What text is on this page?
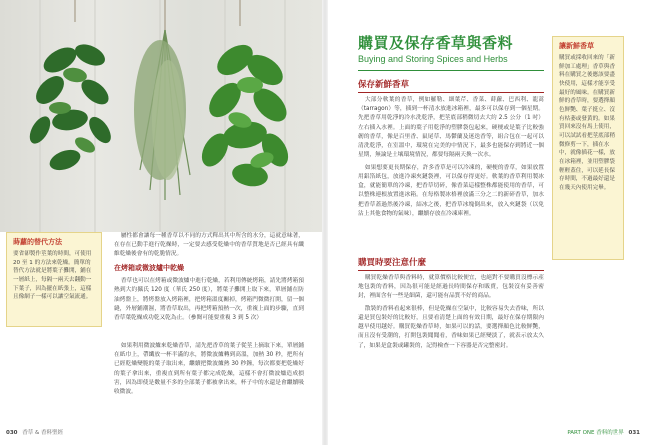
蒔蘿的替代方法
要省卻製作莖葉的時間，可使用 20 至 1 的方法來乾燥。簡單的替代方法就是將葉子攤開，鋪在一層紙上，每隔一兩天去翻動一下葉子，因為擺在紙張上，這樣且像網子一樣可以讓空氣流通。

屬性都會讓每一種香草以不同的方式釋出其中所含的水分，這就意味著，在存在已動手進行乾燥時，一定要去感受乾燥中的香草質地是否已經具有纖維乾燥後會有的乾脆情況。

在烤箱或微波爐中乾燥

香草也可以在烤箱或微波爐中進行乾燥，若利用傳統烤箱，請先將烤箱預熱到大約攝氏 120 度（華氏 250 度），將葉子攤開上取下來，單層鋪在防油烤盤上，將烤盤放入烤箱裡，把烤箱溫度關掉，烤箱門微微打開，留一個縫，外層鋪潮濕，將香草取出，再把烤箱預熱一次，重複上面的步驟，直到香草葉乾燥成功乾又乾為止。（參閱可能要重複 3 到 5 次）

如果利用微波爐來乾燥香草，請先把香草的葉子從莖上摘取下來，單層鋪在紙巾上，帶纖放一杯半滿的水，將微波爐轉到高溫，加熱 30 秒，把所有已經乾燥變脆的葉子取出來，繼續把微波爐熱 30 秒鐘，每次都要把乾燥好的葉子拿出來，重複直到所有葉子都完成乾燥，這樣不會打微波爐造成損害，因為即使是數量不多的全部葉子都被拿出來，杯子中的水還是會繼續吸收微波。

030 香草 & 香料聖經
購買及保存香草與香料
Buying and Storing Spices and Herbs
保存新鮮香草

大部分軟葉的香草，例如羅勒、細葉芹、香菜、蒔蘿、巴西利、龍蒿（tarragon）等，插到一杯清水放進冰箱裡，最多可以保存到一個星期。先把香草用乾淨的冷水洗乾淨，把莖底部稍微切去大約 2.5 公分（1 吋）左右插入水裡。上面的葉子用乾淨的塑膠袋包起來，硬梗或是葉子比較強韌的香草，像是百里香、鼠尾草、馬鬱蘭及迷迭香等，組合包在一起可以清洗乾淨，在室溫中，環境在完美的中情況下，最多也能保存到將近一個星期，無論是土壤環境情況，都要每隔兩天換一次水。

如果想要更長期保存，許多香草是可以冷凍的，硬梗的香草，如果放置用鋁箔紙包，放進冷凍夾鏈袋裡，可以保存得更好。軟葉的香草利用製冰盒，就能簡單的冷凍，把香草切碎，像香菜這樣整株都能使用的香草，可以整株連根放置進冰箱。在每格製冰格裡放滿三分之二的新碎香草，加水把香草蓋過然後冷凍，結冰之後，把香草冰塊倒出來，放入夾鏈袋（以免沾上其他食物的氣味），繼續存放在冷凍庫裡。

購買時要注意什麼

購買乾燥香草與香料時，就算價格比較便宜，也絕對不要購買沒標示產地包裝的香料，因為很可能是經過長時間保存和販賣，包裝沒有妥善密封，裡面含有一些是細菌，還可能有品質不好的商品。

散裝的香料看起來很棒，但是乾燥在空氣中，比較容易失去香味，所以還是買包裝好的比較好，且要看清楚上面的有效日期，最好在保存期限內越早使用越好。購買乾燥香草時，如果可以的話，要選擇顏色比較鮮艷，而且沒有受潮的，打開包裝聞聞看，香味如果已經變淡了，就表示放太久了，如果是盒裝或罐裝的，記得檢查一下容器是否完整密封。

讓新鮮香草
購買或採收回來的「新鮮加工處理」香草與香料在購買之後應該要盡快使用，這樣才能享受最好的風味。在購買新鮮的香草時，要選擇顏色鮮艷、葉子挺立、沒有枯萎或發黃的。如果買回來沒有馬上使用，可以試試看把莖底部稍微修剪一下，插在水中，就像插花一樣，放在冰箱裡，並用塑膠袋輕輕蓋住，可以延長保存時間，不過最好還是在幾天內使用完畢。
PART ONE 香料的世界 031
